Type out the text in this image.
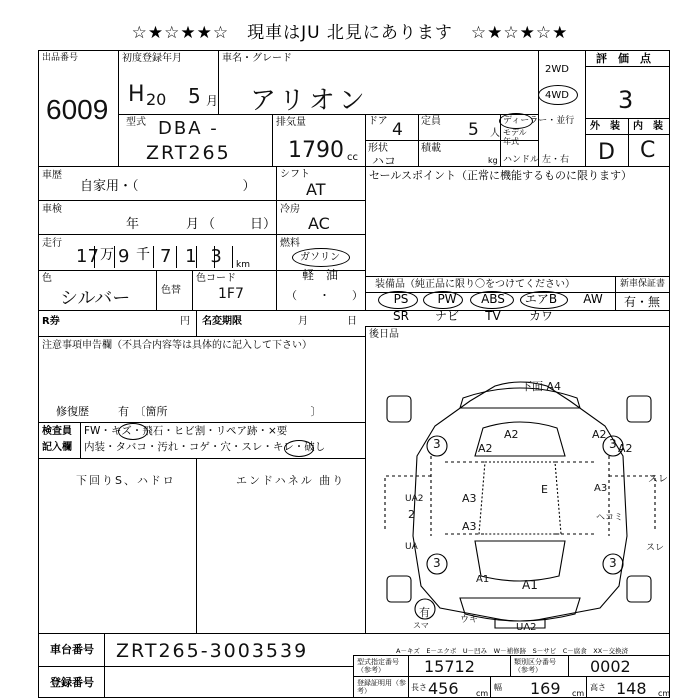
☆★☆★★☆　現車はJU 北見にあります　☆★☆★☆★
出品番号
6009
初度登録年月
H 20 5 月
車名・グレード
アリオン
2WD
4WD
評　価　点
3
外　装 内　装
D C
型式 DBA -
ZRT265
排気量
1790 cc
ドア 4 定員 5 人
ディーラー・並行
モデル年式
形状
ハコ
積載
kg ハンドル 左・右
車歴
自家用・（　　　　　　　　）
シフト
AT
車検
年	月 （	日）
冷房
AC
走行
17 万 9 千 7 1 3 km
燃料
ガソリン
軽　油
（　　・　　）
色
シルバー	色替
色コード
1F7
セールスポイント（正常に機能するものに限ります）
装備品（純正品に限り〇をつけてください）	新車保証書
有・無
後日品
R券	円 名変期限	月	日
注意事項申告欄（不具合内容等は具体的に記入して下さい）
修復歴	有　〔箇所　　　　　　　　　　　　　〕
検査員
記入欄
FW・キズ・飛石・ヒビ割・リペア跡・×要
内装・タバコ・汚れ・コゲ・穴・スレ・キレ・破し
下回りS、ハドロ	エンドハネル 曲り
下面 A4
A2	A2
A2	A2
A3
A3
E	A3
A1
3	3
3	3
スレ
UA2
UA
2	ヘコミ
スレ
A1
UA2
有
スマ
ウキ
A－キズ　E－エクボ　U－凹み　W－補修跡　S－サビ　C－腐食　XX－交換済
車台番号 ZRT265-3003539
登録番号
型式指定番号（参考）	15712	類別区分番号（参考）	0002
登録証明用（参考）	長さ 456 cm
幅 169 cm
高さ 148 cm
PS	PW	ABS	エアB	AW
SR	ナビ	TV	カワ
